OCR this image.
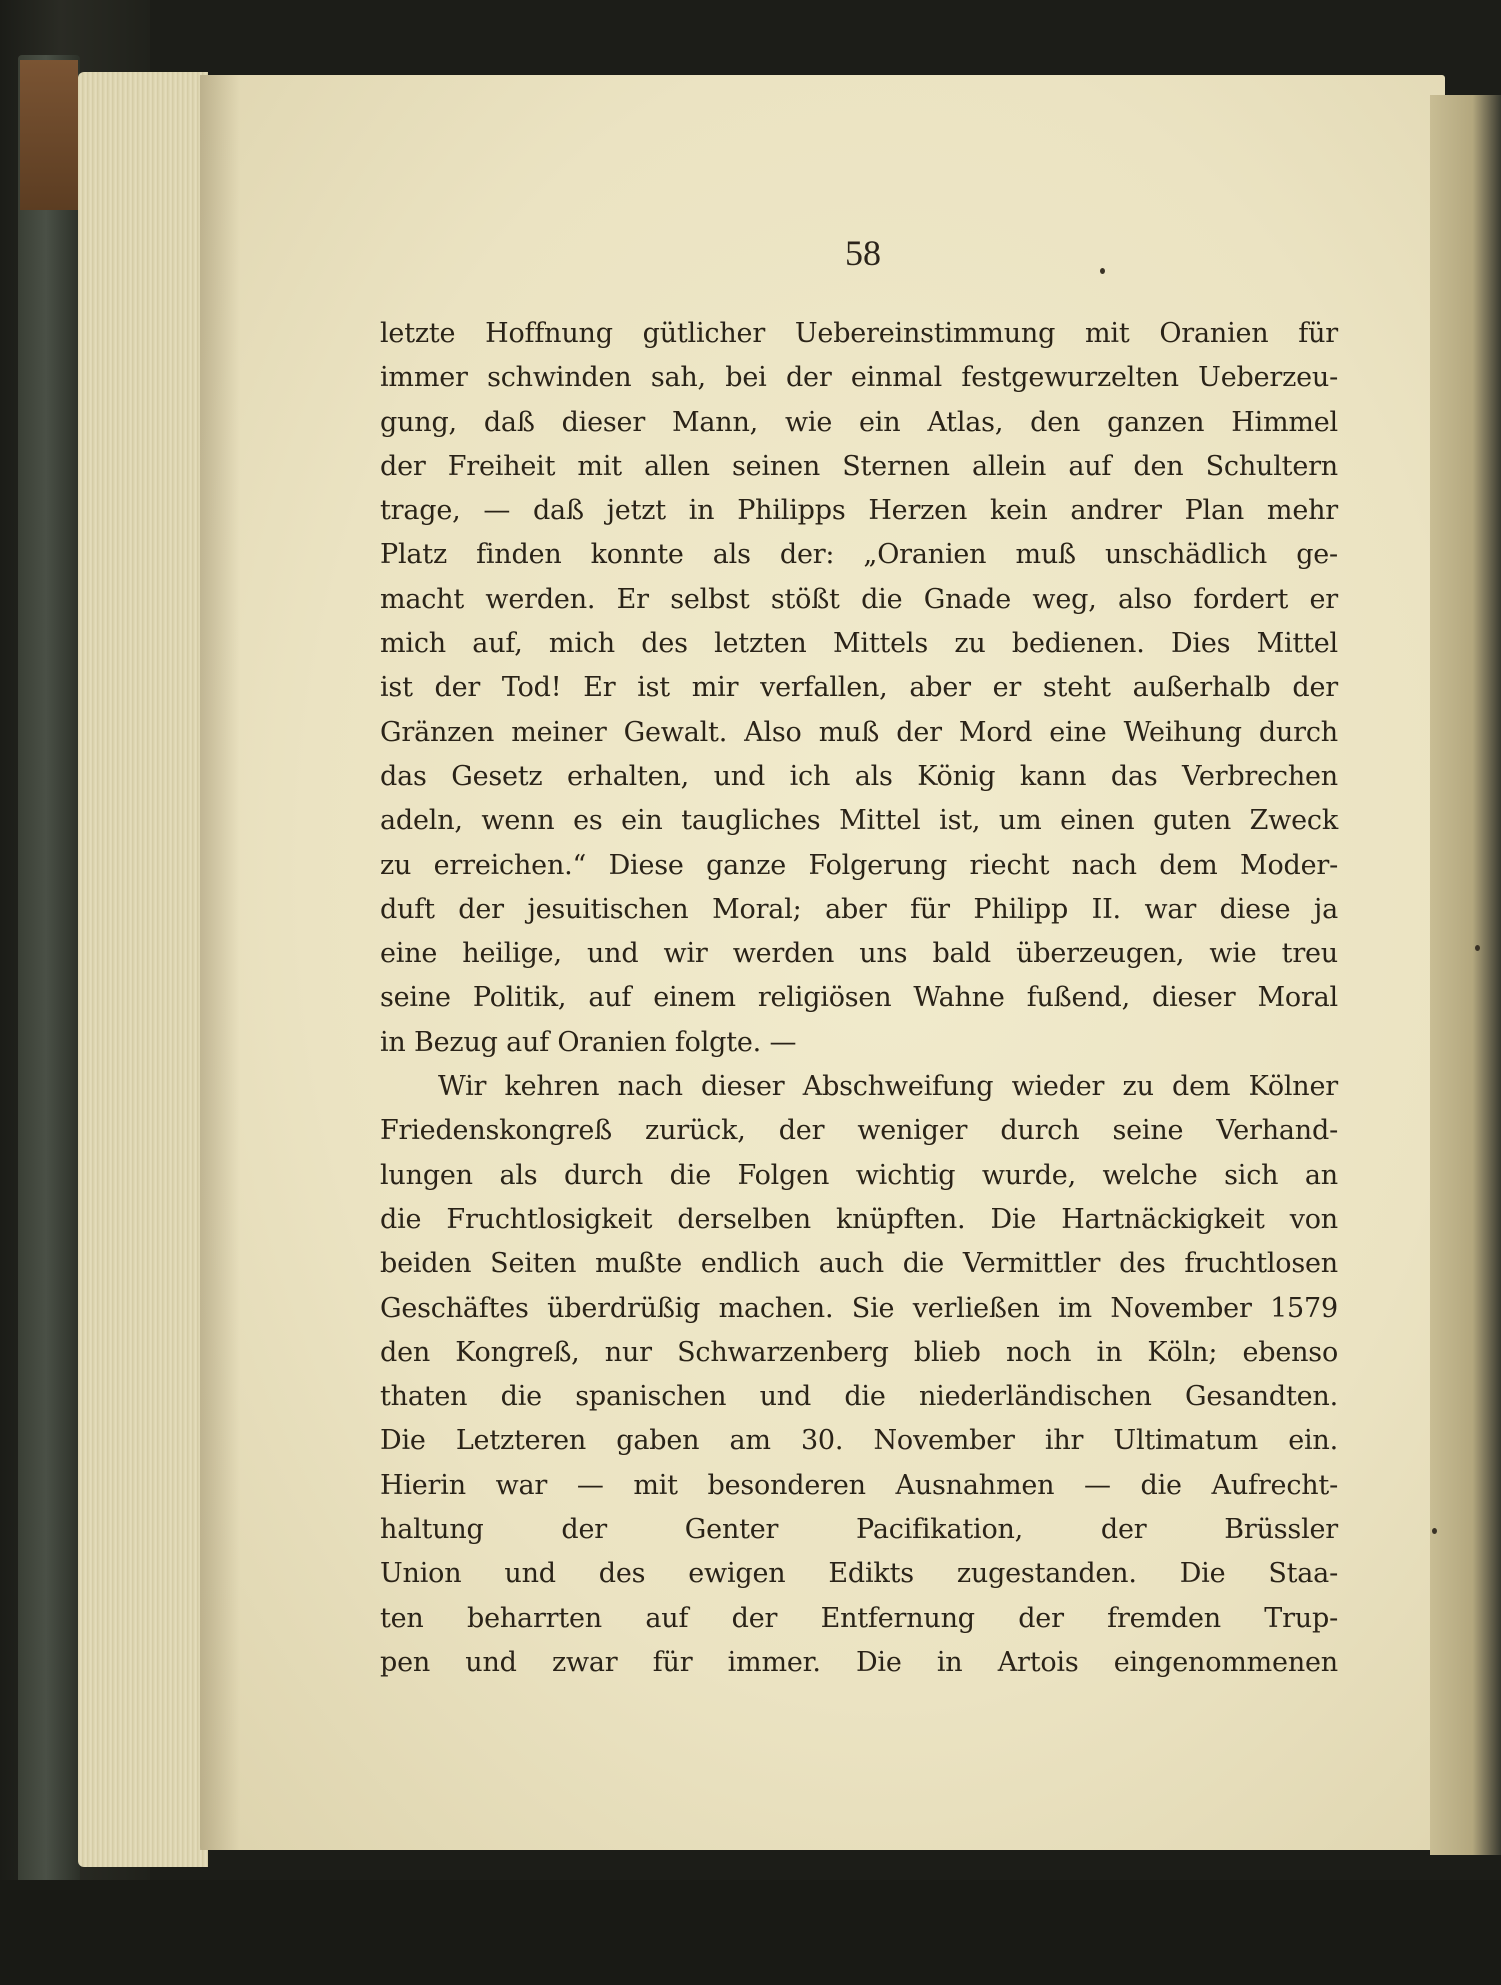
58
letzte Hoffnung gütlicher Uebereinstimmung mit Oranien für
immer schwinden sah, bei der einmal festgewurzelten Ueberzeu-
gung, daß dieser Mann, wie ein Atlas, den ganzen Himmel
der Freiheit mit allen seinen Sternen allein auf den Schultern
trage, — daß jetzt in Philipps Herzen kein andrer Plan mehr
Platz finden konnte als der: „Oranien muß unschädlich ge-
macht werden. Er selbst stößt die Gnade weg, also fordert er
mich auf, mich des letzten Mittels zu bedienen. Dies Mittel
ist der Tod! Er ist mir verfallen, aber er steht außerhalb der
Gränzen meiner Gewalt. Also muß der Mord eine Weihung durch
das Gesetz erhalten, und ich als König kann das Verbrechen
adeln, wenn es ein taugliches Mittel ist, um einen guten Zweck
zu erreichen.“ Diese ganze Folgerung riecht nach dem Moder-
duft der jesuitischen Moral; aber für Philipp II. war diese ja
eine heilige, und wir werden uns bald überzeugen, wie treu
seine Politik, auf einem religiösen Wahne fußend, dieser Moral
in Bezug auf Oranien folgte. —
Wir kehren nach dieser Abschweifung wieder zu dem Kölner
Friedenskongreß zurück, der weniger durch seine Verhand-
lungen als durch die Folgen wichtig wurde, welche sich an
die Fruchtlosigkeit derselben knüpften. Die Hartnäckigkeit von
beiden Seiten mußte endlich auch die Vermittler des fruchtlosen
Geschäftes überdrüßig machen. Sie verließen im November 1579
den Kongreß, nur Schwarzenberg blieb noch in Köln; ebenso
thaten die spanischen und die niederländischen Gesandten.
Die Letzteren gaben am 30. November ihr Ultimatum ein.
Hierin war — mit besonderen Ausnahmen — die Aufrecht-
haltung der Genter Pacifikation, der Brüssler
Union und des ewigen Edikts zugestanden. Die Staa-
ten beharrten auf der Entfernung der fremden Trup-
pen und zwar für immer. Die in Artois eingenommenen
